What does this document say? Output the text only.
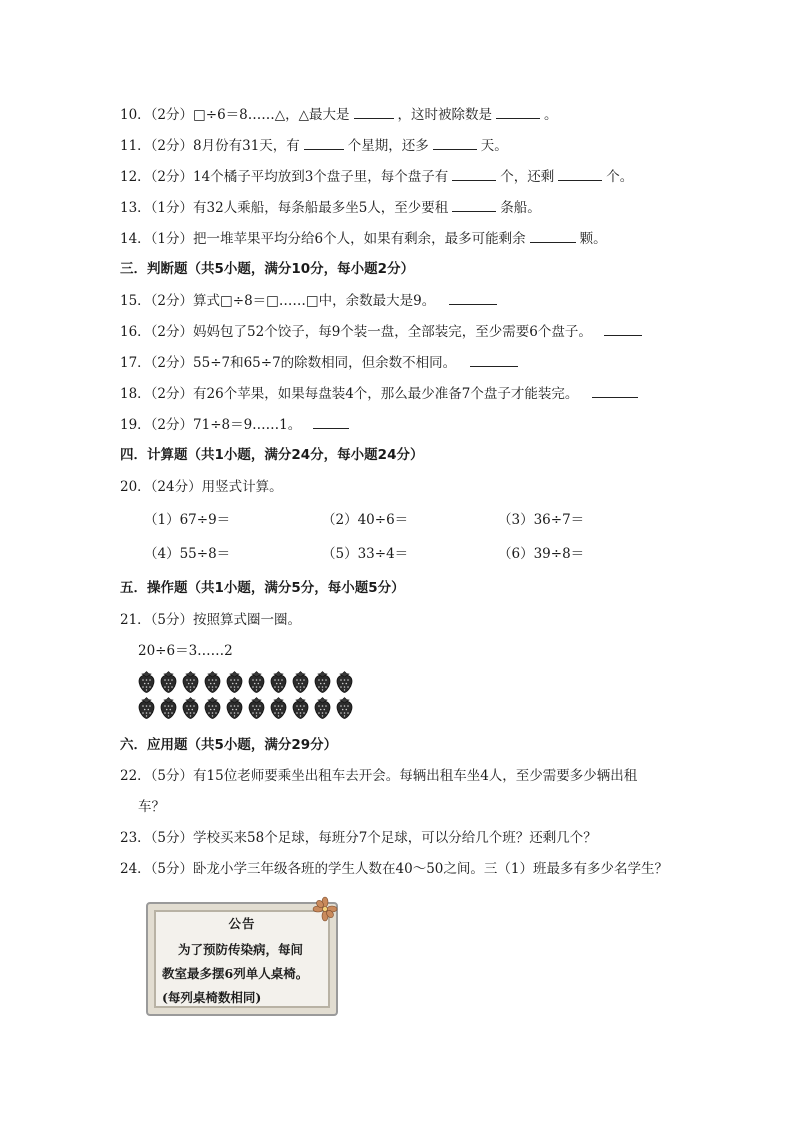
10．（2分）□÷6＝8……△，△最大是	，这时被除数是	。
11．（2分）8月份有31天，有	个星期，还多	天。
12．（2分）14个橘子平均放到3个盘子里，每个盘子有	个，还剩	个。
13．（1分）有32人乘船，每条船最多坐5人，至少要租	条船。
14．（1分）把一堆苹果平均分给6个人，如果有剩余，最多可能剩余	颗。
三．判断题（共5小题，满分10分，每小题2分）
15．（2分）算式□÷8＝□……□中，余数最大是9。
16．（2分）妈妈包了52个饺子，每9个装一盘，全部装完，至少需要6个盘子。
17．（2分）55÷7和65÷7的除数相同，但余数不相同。
18．（2分）有26个苹果，如果每盘装4个，那么最少准备7个盘子才能装完。
19．（2分）71÷8＝9……1。
四．计算题（共1小题，满分24分，每小题24分）
20．（24分）用竖式计算。
（1）67÷9＝	（2）40÷6＝	（3）36÷7＝
（4）55÷8＝	（5）33÷4＝	（6）39÷8＝
五．操作题（共1小题，满分5分，每小题5分）
21．（5分）按照算式圈一圈。
20÷6＝3……2
六．应用题（共5小题，满分29分）
22．（5分）有15位老师要乘坐出租车去开会。每辆出租车坐4人，至少需要多少辆出租
车？
23．（5分）学校买来58个足球，每班分7个足球，可以分给几个班？还剩几个？
24．（5分）卧龙小学三年级各班的学生人数在40～50之间。三（1）班最多有多少名学生？
公告
为了预防传染病，每间
教室最多摆6列单人桌椅。
(每列桌椅数相同)
